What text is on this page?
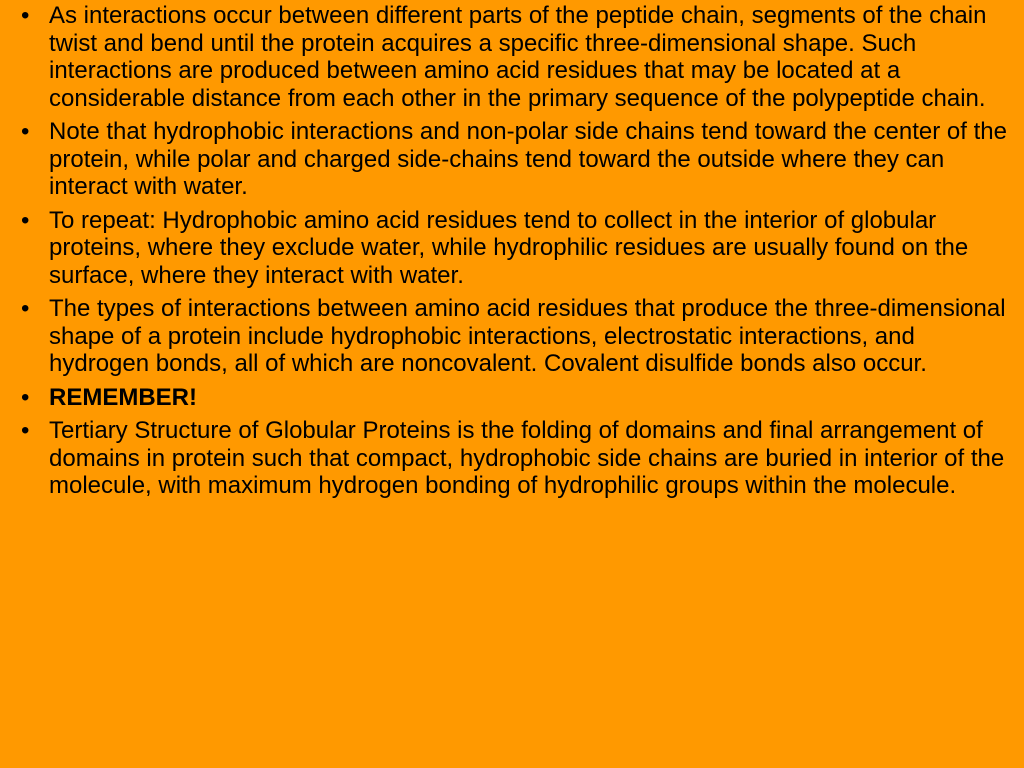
• As interactions occur between different parts of the peptide chain, segments of the chain twist and bend until the protein acquires a specific three-dimensional shape. Such interactions are produced between amino acid residues that may be located at a considerable distance from each other in the primary sequence of the polypeptide chain.
• Note that hydrophobic interactions and non-polar side chains tend toward the center of the protein, while polar and charged side-chains tend toward the outside where they can interact with water.
• To repeat: Hydrophobic amino acid residues tend to collect in the interior of globular proteins, where they exclude water, while hydrophilic residues are usually found on the surface, where they interact with water.
• The types of interactions between amino acid residues that produce the three-dimensional shape of a protein include hydrophobic interactions, electrostatic interactions, and hydrogen bonds, all of which are noncovalent. Covalent disulfide bonds also occur.
• REMEMBER!
• Tertiary Structure of Globular Proteins is the folding of domains and final arrangement of domains in protein such that compact, hydrophobic side chains are buried in interior of the molecule, with maximum hydrogen bonding of hydrophilic groups within the molecule.
